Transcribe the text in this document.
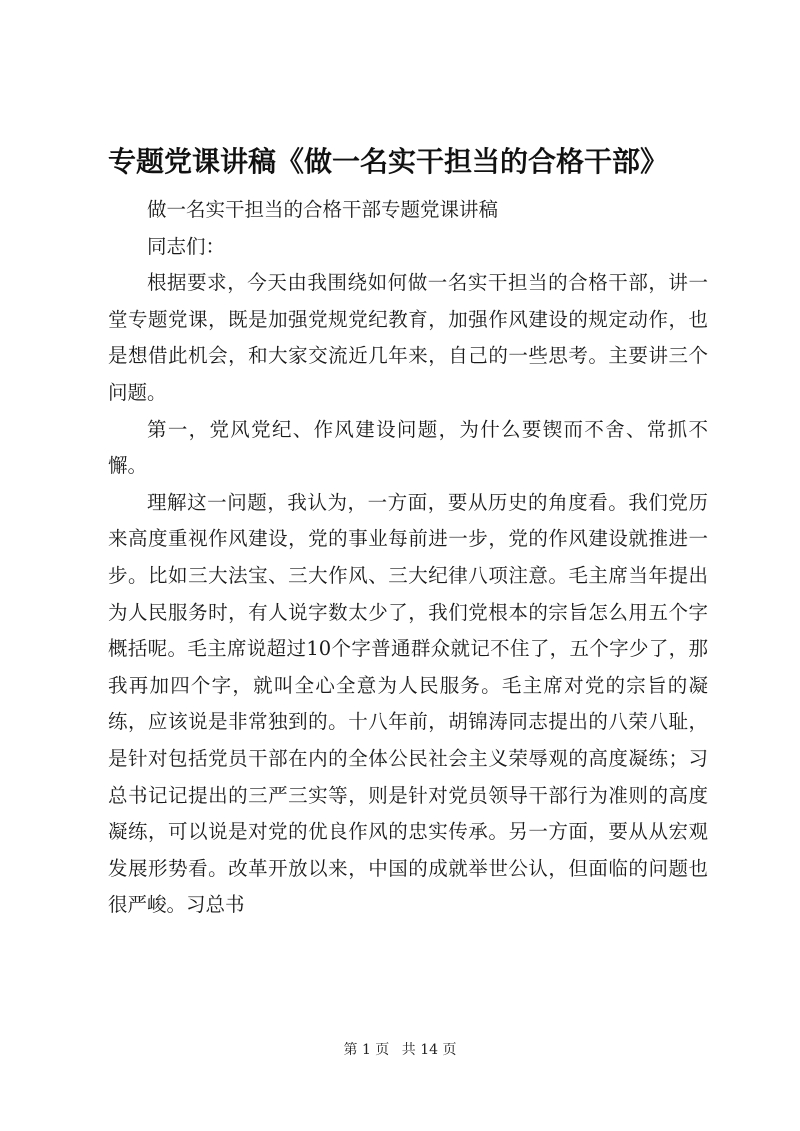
专题党课讲稿《做一名实干担当的合格干部》

做一名实干担当的合格干部专题党课讲稿

同志们：

根据要求，今天由我围绕如何做一名实干担当的合格干部，讲一堂专题党课，既是加强党规党纪教育，加强作风建设的规定动作，也是想借此机会，和大家交流近几年来，自己的一些思考。主要讲三个问题。

第一，党风党纪、作风建设问题，为什么要锲而不舍、常抓不懈。

理解这一问题，我认为，一方面，要从历史的角度看。我们党历来高度重视作风建设，党的事业每前进一步，党的作风建设就推进一步。比如三大法宝、三大作风、三大纪律八项注意。毛主席当年提出为人民服务时，有人说字数太少了，我们党根本的宗旨怎么用五个字概括呢。毛主席说超过10个字普通群众就记不住了，五个字少了，那我再加四个字，就叫全心全意为人民服务。毛主席对党的宗旨的凝练，应该说是非常独到的。十八年前，胡锦涛同志提出的八荣八耻，是针对包括党员干部在内的全体公民社会主义荣辱观的高度凝练；习总书记记提出的三严三实等，则是针对党员领导干部行为准则的高度凝练，可以说是对党的优良作风的忠实传承。另一方面，要从从宏观发展形势看。改革开放以来，中国的成就举世公认，但面临的问题也很严峻。习总书

第 1 页 共 14 页
